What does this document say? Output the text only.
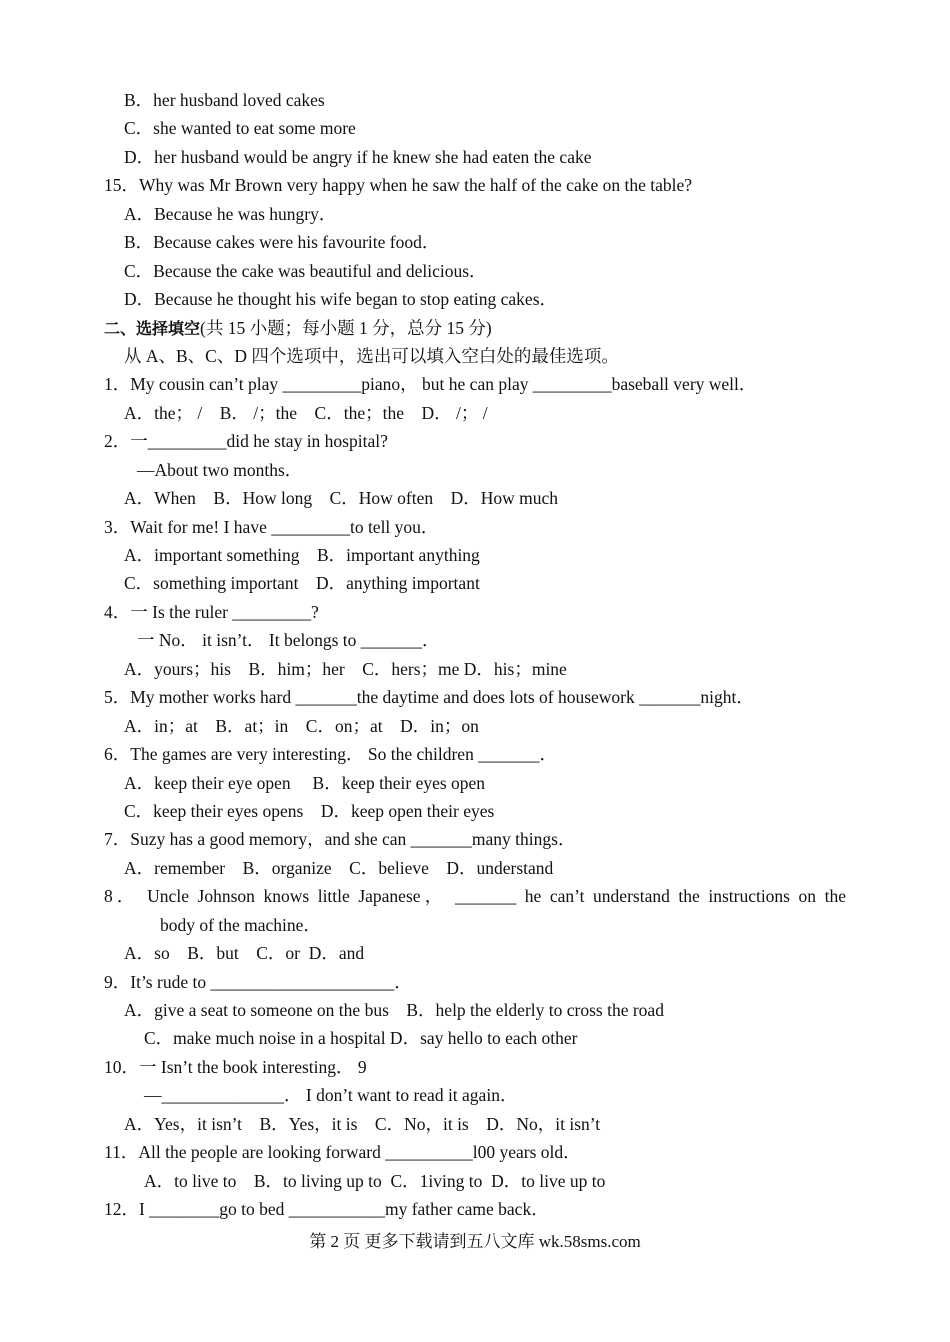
B．her husband loved cakes
C．she wanted to eat some more
D．her husband would be angry if he knew she had eaten the cake
15．Why was Mr Brown very happy when he saw the half of the cake on the table?
A．Because he was hungry．
B．Because cakes were his favourite food．
C．Because the cake was beautiful and delicious．
D．Because he thought his wife began to stop eating cakes．
二、选择填空(共 15 小题；每小题 1 分，总分 15 分)
从 A、B、C、D 四个选项中，选出可以填入空白处的最佳选项。
1．My cousin can’t play _________piano， but he can play _________baseball very well．
A．the； /    B． /；the    C．the；the    D． /； /
2．一_________did he stay in hospital?
—About two months．
A．When    B．How long    C．How often    D．How much
3．Wait for me! I have _________to tell you．
A．important something    B．important anything
C．something important    D．anything important
4．一 Is the ruler _________?
一 No． it isn’t． It belongs to _______．
A．yours；his    B．him；her    C．hers；me D．his；mine
5．My mother works hard _______the daytime and does lots of housework _______night．
A．in；at    B．at；in    C．on；at    D．in；on
6．The games are very interesting． So the children _______．
A．keep their eye open     B．keep their eyes open
C．keep their eyes opens    D．keep open their eyes
7．Suzy has a good memory，and she can _______many things．
A．remember    B．organize    C．believe    D．understand
8． Uncle Johnson knows little Japanese， _______ he can’t understand the instructions on the
body of the machine．
A．so    B．but    C．or  D．and
9．It’s rude to _____________________．
A．give a seat to someone on the bus    B．help the elderly to cross the road
C．make much noise in a hospital D．say hello to each other
10．一 Isn’t the book interesting． 9
—______________． I don’t want to read it again．
A．Yes，it isn’t    B．Yes，it is    C．No，it is    D．No，it isn’t
11．All the people are looking forward __________l00 years old．
A．to live to    B．to living up to  C．1iving to  D．to live up to
12．I ________go to bed ___________my father came back．
第 2 页 更多下载请到五八文库 wk.58sms.com
